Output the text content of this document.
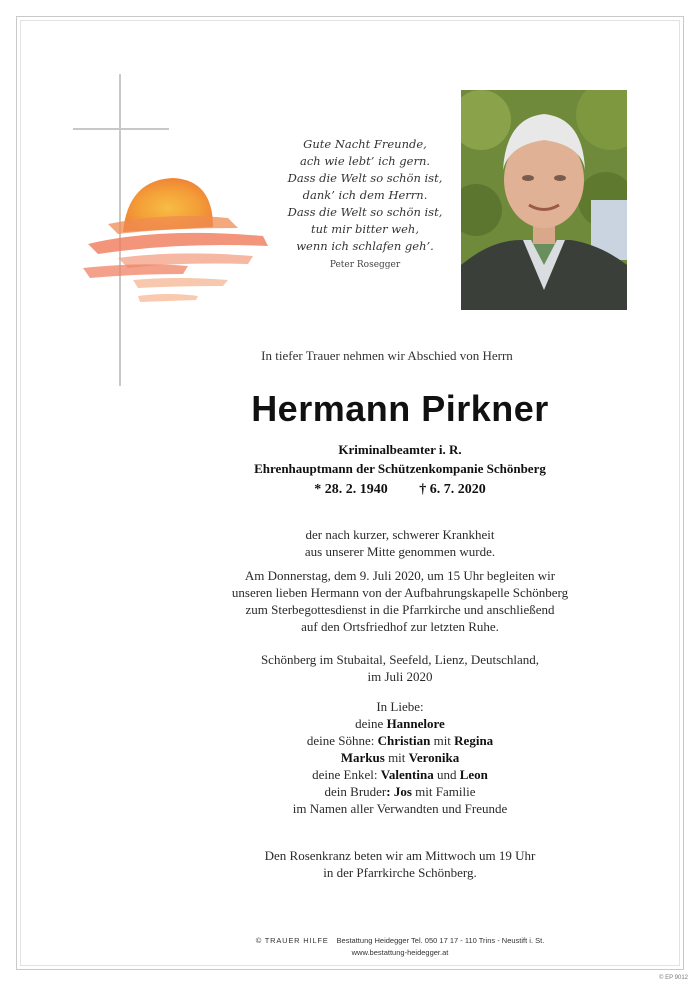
Gute Nacht Freunde,
ach wie lebt’ ich gern.
Dass die Welt so schön ist,
dank’ ich dem Herrn.
Dass die Welt so schön ist,
tut mir bitter weh,
wenn ich schlafen geh’.
Peter Rosegger
In tiefer Trauer nehmen wir Abschied von Herrn
Hermann Pirkner
Kriminalbeamter i. R.
Ehrenhauptmann der Schützenkompanie Schönberg
* 28. 2. 1940 † 6. 7. 2020
der nach kurzer, schwerer Krankheit
aus unserer Mitte genommen wurde.
Am Donnerstag, dem 9. Juli 2020, um 15 Uhr begleiten wir
unseren lieben Hermann von der Aufbahrungskapelle Schönberg
zum Sterbegottesdienst in die Pfarrkirche und anschließend
auf den Ortsfriedhof zur letzten Ruhe.
Schönberg im Stubaital, Seefeld, Lienz, Deutschland,
im Juli 2020
In Liebe:
deine Hannelore
deine Söhne: Christian mit Regina
Markus mit Veronika
deine Enkel: Valentina und Leon
dein Bruder: Jos mit Familie
im Namen aller Verwandten und Freunde
Den Rosenkranz beten wir am Mittwoch um 19 Uhr
in der Pfarrkirche Schönberg.
© TRAUER HILFE Bestattung Heidegger Tel. 050 17 17 - 110 Trins - Neustift i. St.
www.bestattung-heidegger.at
© EP 9012
